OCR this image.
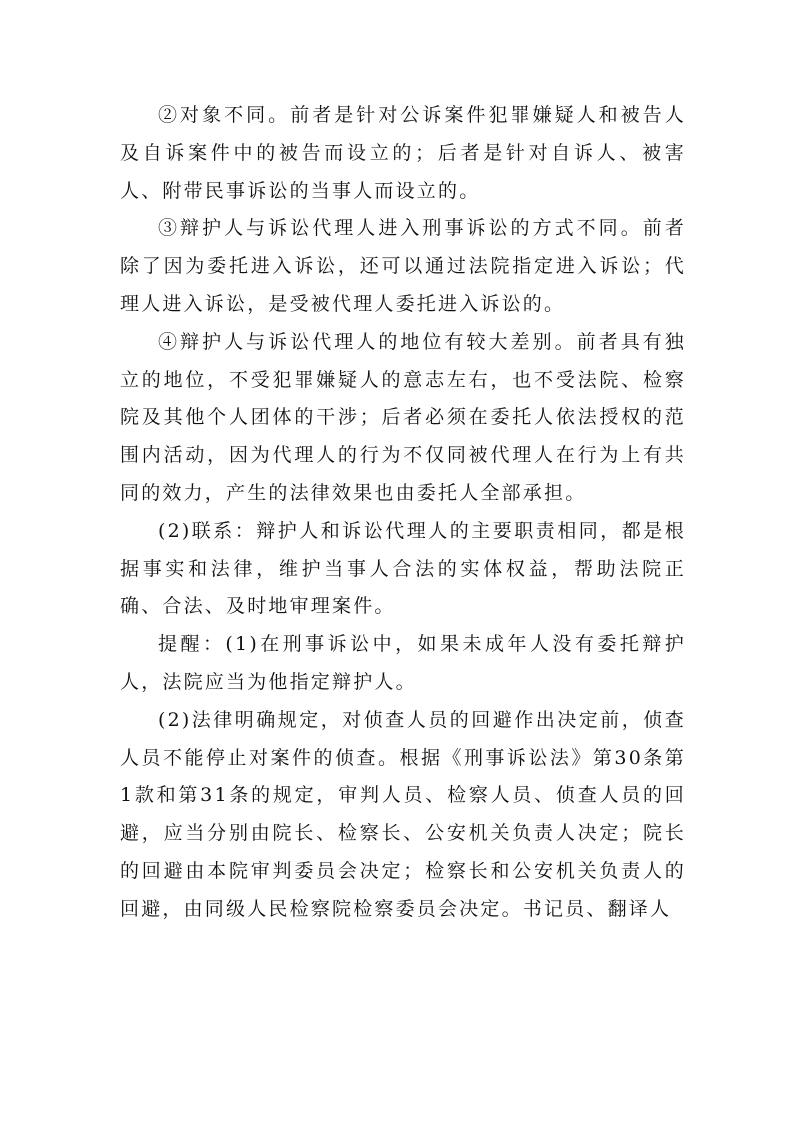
②对象不同。前者是针对公诉案件犯罪嫌疑人和被告人及自诉案件中的被告而设立的；后者是针对自诉人、被害人、附带民事诉讼的当事人而设立的。

③辩护人与诉讼代理人进入刑事诉讼的方式不同。前者除了因为委托进入诉讼，还可以通过法院指定进入诉讼；代理人进入诉讼，是受被代理人委托进入诉讼的。

④辩护人与诉讼代理人的地位有较大差别。前者具有独立的地位，不受犯罪嫌疑人的意志左右，也不受法院、检察院及其他个人团体的干涉；后者必须在委托人依法授权的范围内活动，因为代理人的行为不仅同被代理人在行为上有共同的效力，产生的法律效果也由委托人全部承担。

(2)联系：辩护人和诉讼代理人的主要职责相同，都是根据事实和法律，维护当事人合法的实体权益，帮助法院正确、合法、及时地审理案件。

提醒：(1)在刑事诉讼中，如果未成年人没有委托辩护人，法院应当为他指定辩护人。

(2)法律明确规定，对侦查人员的回避作出决定前，侦查人员不能停止对案件的侦查。根据《刑事诉讼法》第30条第1款和第31条的规定，审判人员、检察人员、侦查人员的回避，应当分别由院长、检察长、公安机关负责人决定；院长的回避由本院审判委员会决定；检察长和公安机关负责人的回避，由同级人民检察院检察委员会决定。书记员、翻译人
